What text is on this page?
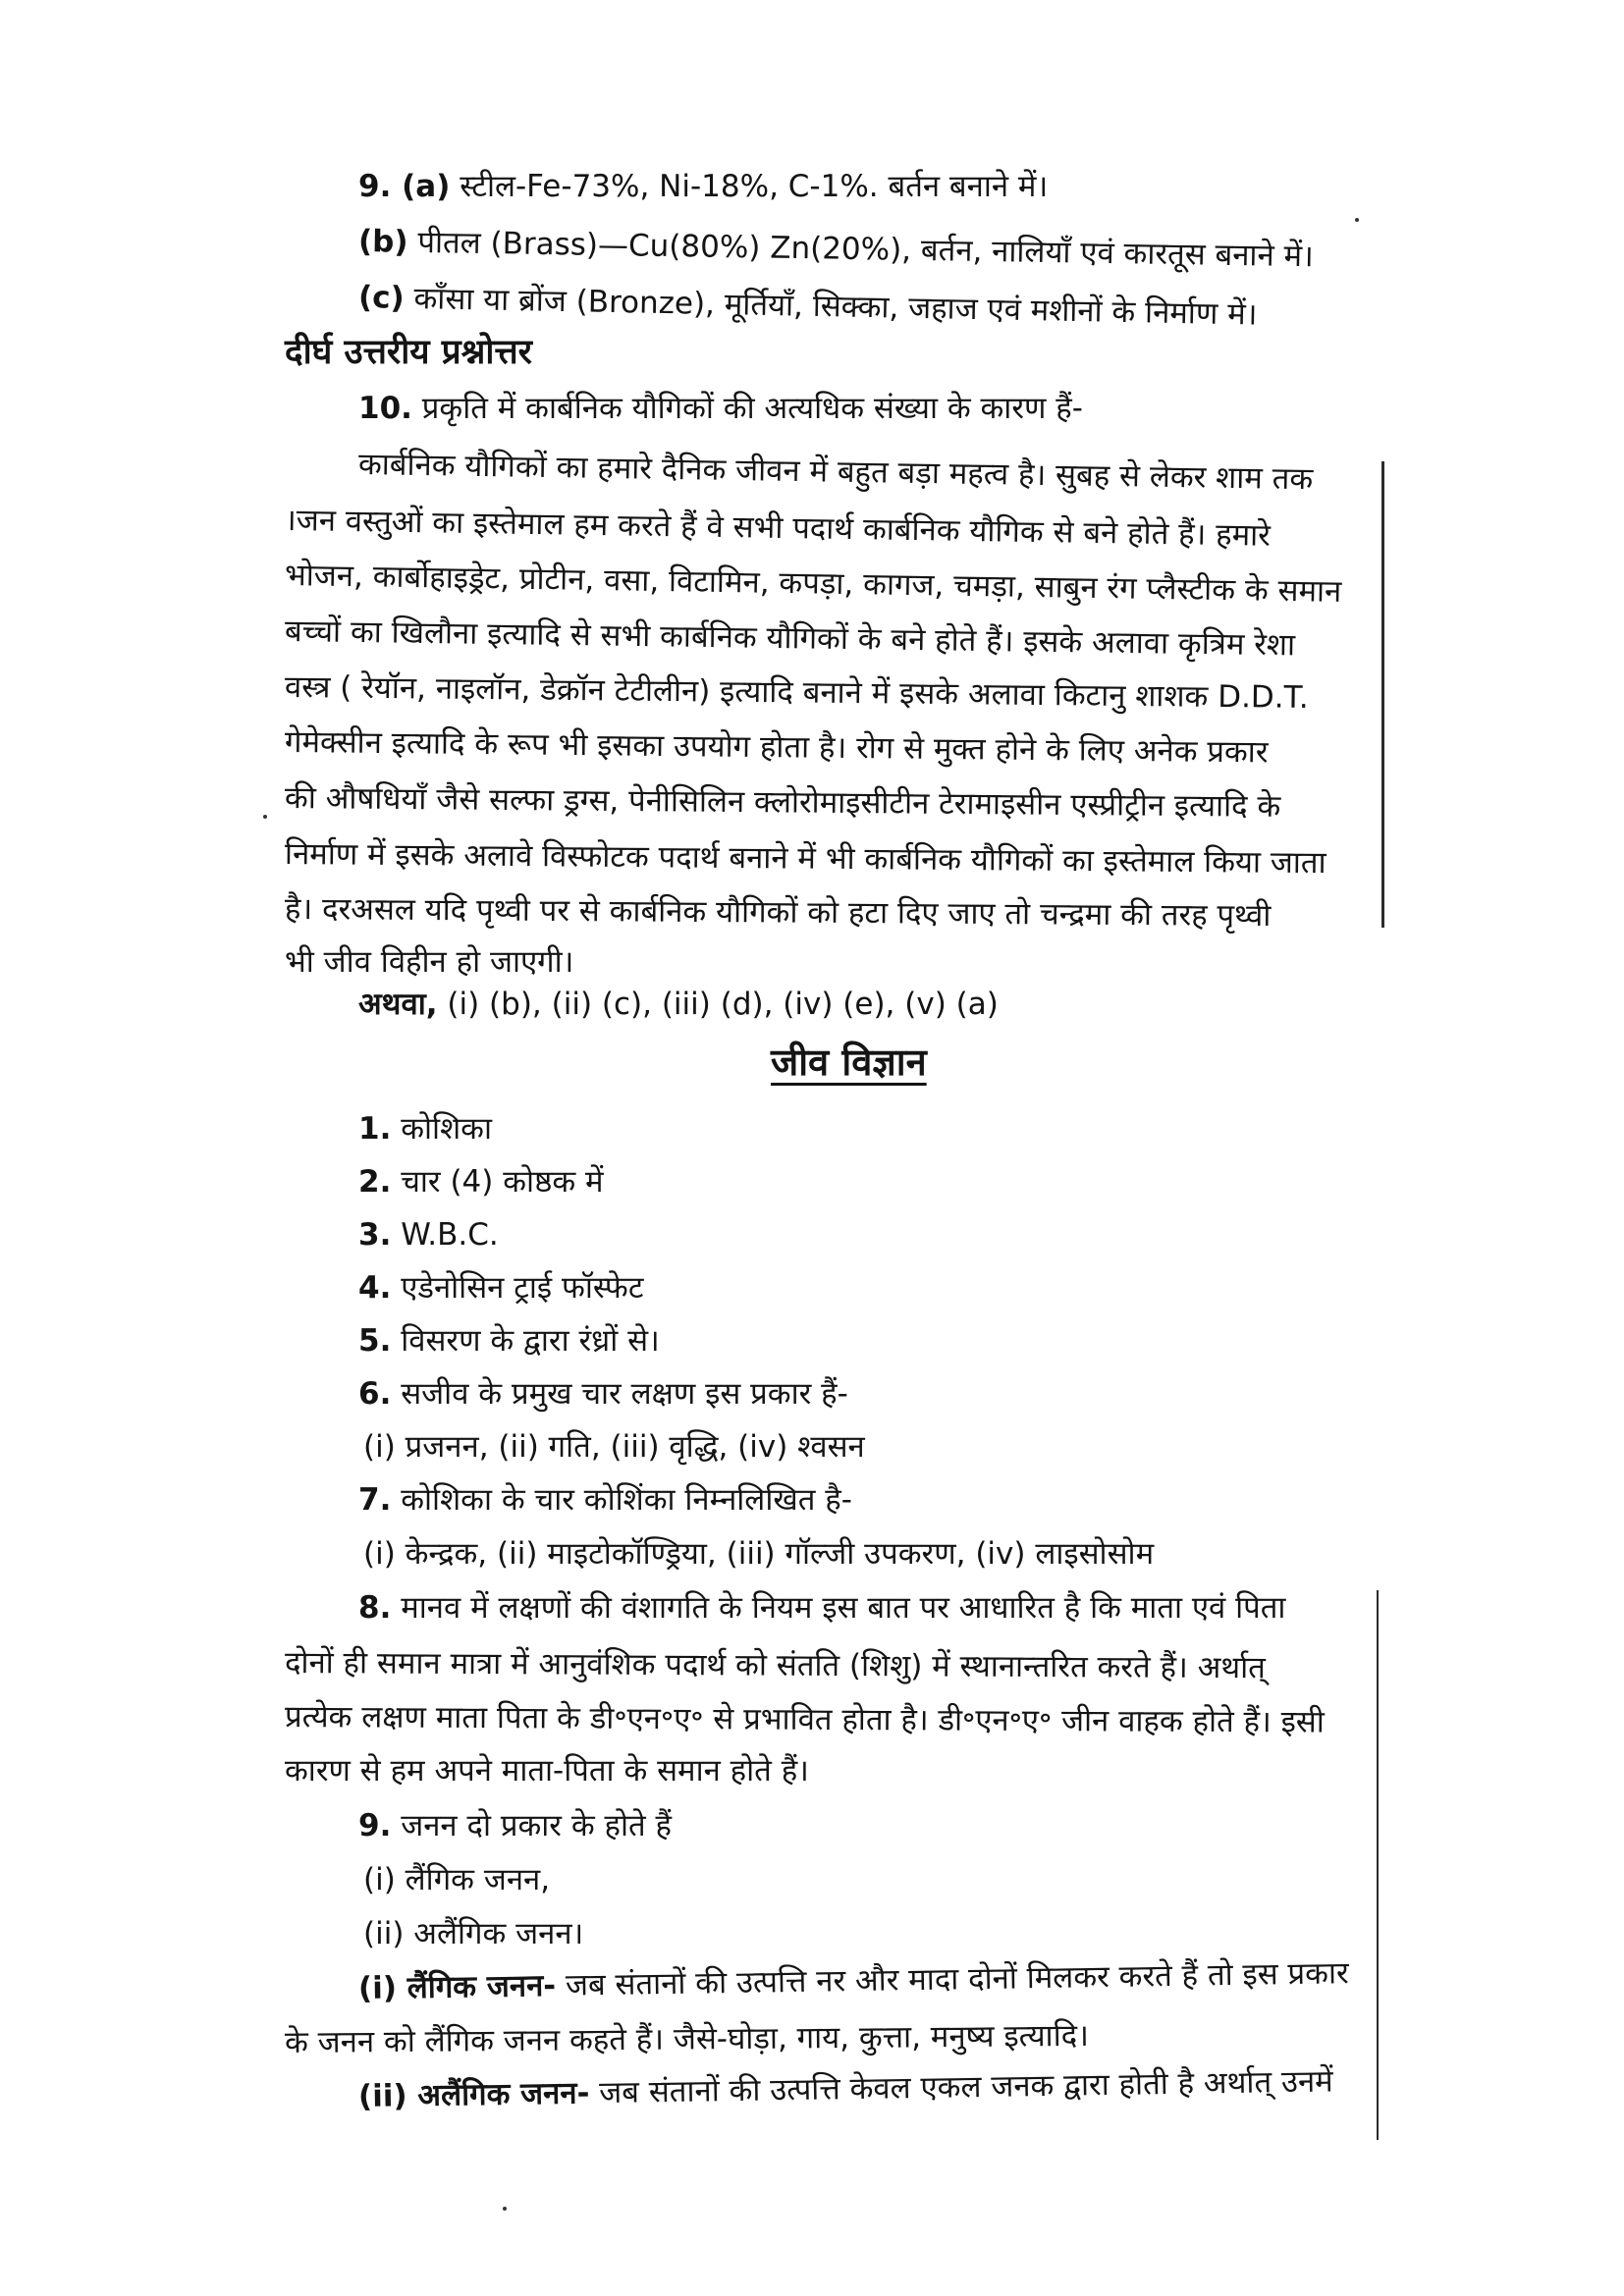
9. (a) स्टील-Fe-73%, Ni-18%, C-1%. बर्तन बनाने में।
(b) पीतल (Brass)—Cu(80%) Zn(20%), बर्तन, नालियाँ एवं कारतूस बनाने में।
(c) काँसा या ब्रोंज (Bronze), मूर्तियाँ, सिक्का, जहाज एवं मशीनों के निर्माण में।
दीर्घ उत्तरीय प्रश्नोत्तर
10. प्रकृति में कार्बनिक यौगिकों की अत्यधिक संख्या के कारण हैं-
कार्बनिक यौगिकों का हमारे दैनिक जीवन में बहुत बड़ा महत्व है। सुबह से लेकर शाम तक
।जन वस्तुओं का इस्तेमाल हम करते हैं वे सभी पदार्थ कार्बनिक यौगिक से बने होते हैं। हमारे
भोजन, कार्बोहाइड्रेट, प्रोटीन, वसा, विटामिन, कपड़ा, कागज, चमड़ा, साबुन रंग प्लैस्टीक के समान
बच्चों का खिलौना इत्यादि से सभी कार्बनिक यौगिकों के बने होते हैं। इसके अलावा कृत्रिम रेशा
वस्त्र ( रेयॉन, नाइलॉन, डेक्रॉन टेटीलीन) इत्यादि बनाने में इसके अलावा किटानु शाशक D.D.T.
गेमेक्सीन इत्यादि के रूप भी इसका उपयोग होता है। रोग से मुक्त होने के लिए अनेक प्रकार
की औषधियाँ जैसे सल्फा ड्रग्स, पेनीसिलिन क्लोरोमाइसीटीन टेरामाइसीन एस्प्रीट्रीन इत्यादि के
निर्माण में इसके अलावे विस्फोटक पदार्थ बनाने में भी कार्बनिक यौगिकों का इस्तेमाल किया जाता
है। दरअसल यदि पृथ्वी पर से कार्बनिक यौगिकों को हटा दिए जाए तो चन्द्रमा की तरह पृथ्वी
भी जीव विहीन हो जाएगी।
अथवा, (i) (b), (ii) (c), (iii) (d), (iv) (e), (v) (a)
जीव विज्ञान
1. कोशिका
2. चार (4) कोष्ठक में
3. W.B.C.
4. एडेनोसिन ट्राई फॉस्फेट
5. विसरण के द्वारा रंध्रों से।
6. सजीव के प्रमुख चार लक्षण इस प्रकार हैं-
(i) प्रजनन, (ii) गति, (iii) वृद्धि, (iv) श्वसन
7. कोशिका के चार कोशिंका निम्नलिखित है-
(i) केन्द्रक, (ii) माइटोकॉण्ड्रिया, (iii) गॉल्जी उपकरण, (iv) लाइसोसोम
8. मानव में लक्षणों की वंशागति के नियम इस बात पर आधारित है कि माता एवं पिता
दोनों ही समान मात्रा में आनुवंशिक पदार्थ को संतति (शिशु) में स्थानान्तरित करते हैं। अर्थात्
प्रत्येक लक्षण माता पिता के डी॰एन॰ए॰ से प्रभावित होता है। डी॰एन॰ए॰ जीन वाहक होते हैं। इसी
कारण से हम अपने माता-पिता के समान होते हैं।
9. जनन दो प्रकार के होते हैं
(i) लैंगिक जनन,
(ii) अलैंगिक जनन।
(i) लैंगिक जनन- जब संतानों की उत्पत्ति नर और मादा दोनों मिलकर करते हैं तो इस प्रकार
के जनन को लैंगिक जनन कहते हैं। जैसे-घोड़ा, गाय, कुत्ता, मनुष्य इत्यादि।
(ii) अलैंगिक जनन- जब संतानों की उत्पत्ति केवल एकल जनक द्वारा होती है अर्थात् उनमें
